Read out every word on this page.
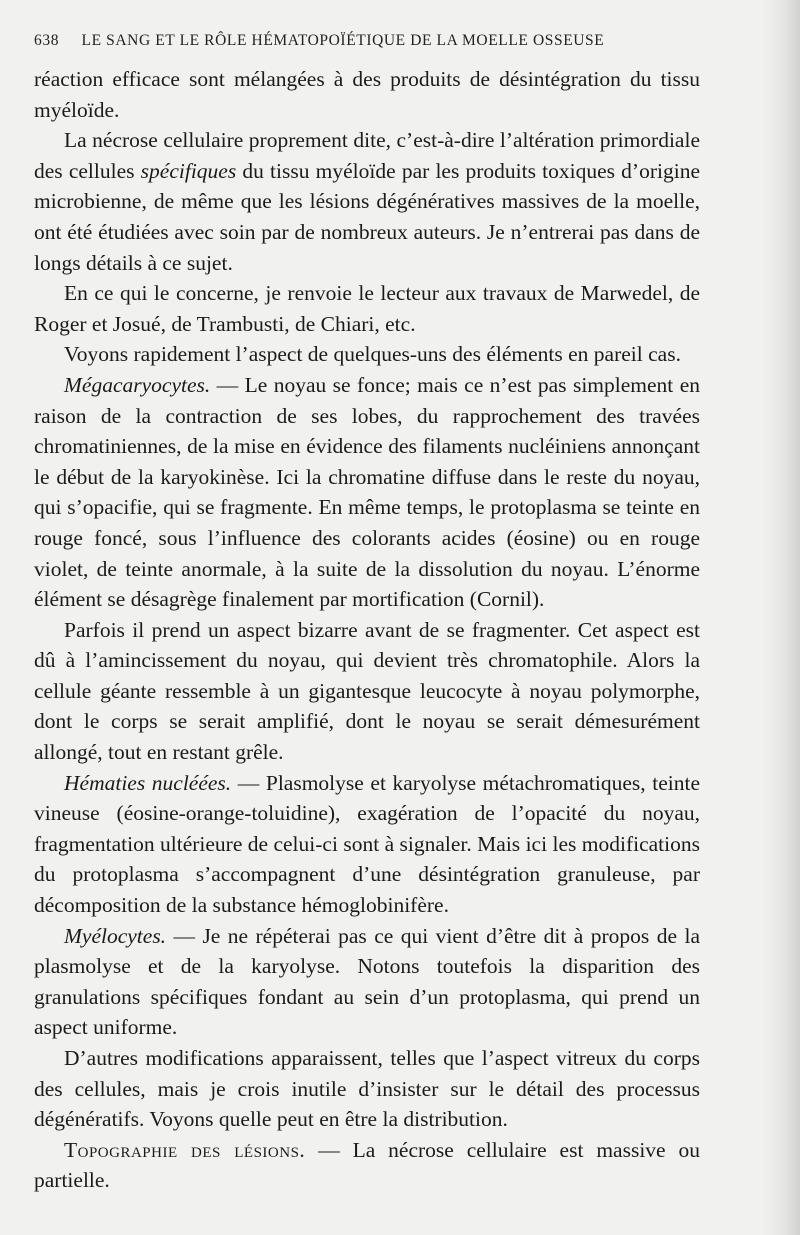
638 LE SANG ET LE RÔLE HÉMATOPOÏÉTIQUE DE LA MOELLE OSSEUSE

réaction efficace sont mélangées à des produits de désintégration du tissu myéloïde.

La nécrose cellulaire proprement dite, c’est-à-dire l’altération primordiale des cellules spécifiques du tissu myéloïde par les produits toxiques d’origine microbienne, de même que les lésions dégénératives massives de la moelle, ont été étudiées avec soin par de nombreux auteurs. Je n’entrerai pas dans de longs détails à ce sujet.

En ce qui le concerne, je renvoie le lecteur aux travaux de Marwedel, de Roger et Josué, de Trambusti, de Chiari, etc.

Voyons rapidement l’aspect de quelques-uns des éléments en pareil cas.

Mégacaryocytes. — Le noyau se fonce; mais ce n’est pas simplement en raison de la contraction de ses lobes, du rapprochement des travées chromatiniennes, de la mise en évidence des filaments nucléiniens annonçant le début de la karyokinèse. Ici la chromatine diffuse dans le reste du noyau, qui s’opacifie, qui se fragmente. En même temps, le protoplasma se teinte en rouge foncé, sous l’influence des colorants acides (éosine) ou en rouge violet, de teinte anormale, à la suite de la dissolution du noyau. L’énorme élément se désagrège finalement par mortification (Cornil).

Parfois il prend un aspect bizarre avant de se fragmenter. Cet aspect est dû à l’amincissement du noyau, qui devient très chromatophile. Alors la cellule géante ressemble à un gigantesque leucocyte à noyau polymorphe, dont le corps se serait amplifié, dont le noyau se serait démesurément allongé, tout en restant grêle.

Hématies nucléées. — Plasmolyse et karyolyse métachromatiques, teinte vineuse (éosine-orange-toluidine), exagération de l’opacité du noyau, fragmentation ultérieure de celui-ci sont à signaler. Mais ici les modifications du protoplasma s’accompagnent d’une désintégration granuleuse, par décomposition de la substance hémoglobinifère.

Myélocytes. — Je ne répéterai pas ce qui vient d’être dit à propos de la plasmolyse et de la karyolyse. Notons toutefois la disparition des granulations spécifiques fondant au sein d’un protoplasma, qui prend un aspect uniforme.

D’autres modifications apparaissent, telles que l’aspect vitreux du corps des cellules, mais je crois inutile d’insister sur le détail des processus dégénératifs. Voyons quelle peut en être la distribution.

Topographie des lésions. — La nécrose cellulaire est massive ou partielle.
